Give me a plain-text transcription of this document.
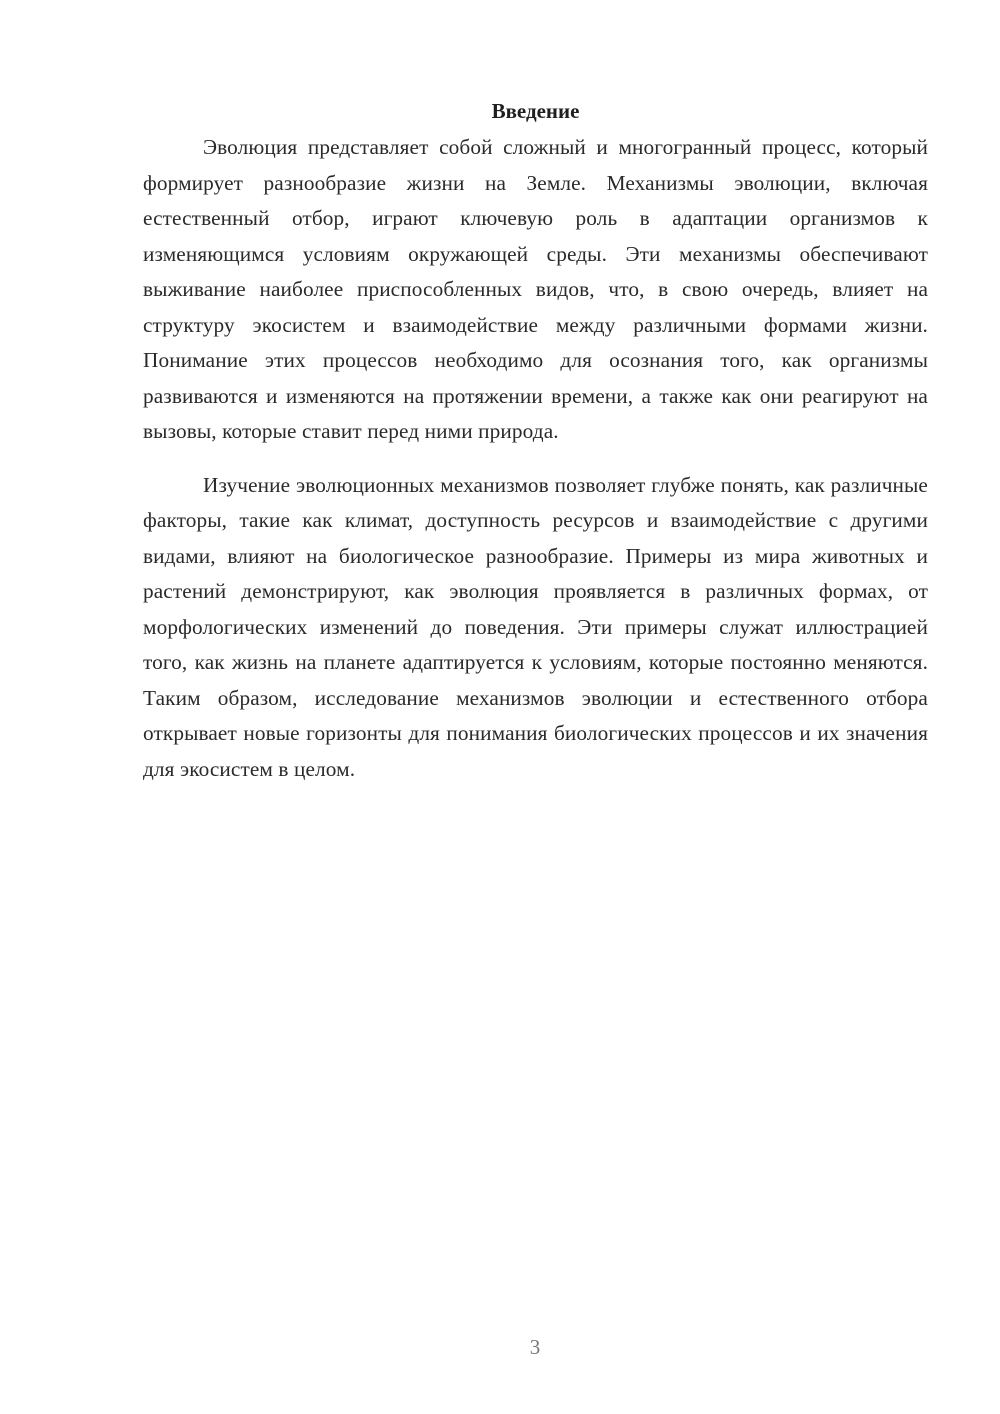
Введение

Эволюция представляет собой сложный и многогранный процесс, который формирует разнообразие жизни на Земле. Механизмы эволюции, включая естественный отбор, играют ключевую роль в адаптации организмов к изменяющимся условиям окружающей среды. Эти механизмы обеспечивают выживание наиболее приспособленных видов, что, в свою очередь, влияет на структуру экосистем и взаимодействие между различными формами жизни. Понимание этих процессов необходимо для осознания того, как организмы развиваются и изменяются на протяжении времени, а также как они реагируют на вызовы, которые ставит перед ними природа.

Изучение эволюционных механизмов позволяет глубже понять, как различные факторы, такие как климат, доступность ресурсов и взаимодействие с другими видами, влияют на биологическое разнообразие. Примеры из мира животных и растений демонстрируют, как эволюция проявляется в различных формах, от морфологических изменений до поведения. Эти примеры служат иллюстрацией того, как жизнь на планете адаптируется к условиям, которые постоянно меняются. Таким образом, исследование механизмов эволюции и естественного отбора открывает новые горизонты для понимания биологических процессов и их значения для экосистем в целом.

3
